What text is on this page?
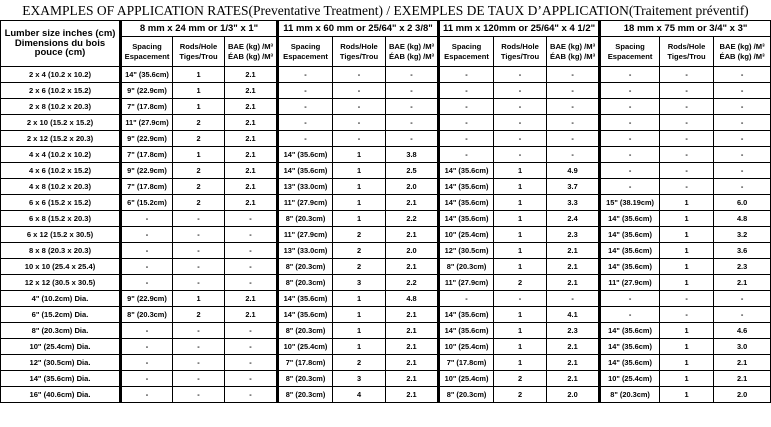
EXAMPLES OF APPLICATION RATES(Preventative Treatment) / EXEMPLES DE TAUX D’APPLICATION(Traitement préventif)
Lumber size inches (cm) Dimensions du bois pouce (cm)	8 mm x 24 mm or 1/3" x 1"			11 mm x 60 mm or 25/64" x 2 3/8"			11 mm x 120mm or 25/64" x 4 1/2"			18 mm x 75 mm or 3/4" x 3"		
	Spacing Espacement	Rods/Hole Tiges/Trou	BAE (kg) /M³ ÉAB (kg) /M³	Spacing Espacement	Rods/Hole Tiges/Trou	BAE (kg) /M³ ÉAB (kg) /M³	Spacing Espacement	Rods/Hole Tiges/Trou	BAE (kg) /M³ ÉAB (kg) /M³	Spacing Espacement	Rods/Hole Tiges/Trou	BAE (kg) /M³ ÉAB (kg) /M³
2 x 4 (10.2 x 10.2)	14" (35.6cm)	1	2.1	-	-	-	-	-	-	-	-	-
2 x 6 (10.2 x 15.2)	9" (22.9cm)	1	2.1	-	-	-	-	-	-	-	-	-
2 x 8 (10.2 x 20.3)	7" (17.8cm)	1	2.1	-	-	-	-	-	-	-	-	-
2 x 10 (15.2 x 15.2)	11" (27.9cm)	2	2.1	-	-	-	-	-	-	-	-	-
2 x 12 (15.2 x 20.3)	9" (22.9cm)	2	2.1	-	-	-	-	-	-	-	-	-
4 x 4 (10.2 x 10.2)	7" (17.8cm)	1	2.1	14" (35.6cm)	1	3.8	-	-	-	-	-	-
4 x 6 (10.2 x 15.2)	9" (22.9cm)	2	2.1	14" (35.6cm)	1	2.5	14" (35.6cm)	1	4.9	-	-	-
4 x 8 (10.2 x 20.3)	7" (17.8cm)	2	2.1	13" (33.0cm)	1	2.0	14" (35.6cm)	1	3.7	-	-	-
6 x 6 (15.2 x 15.2)	6" (15.2cm)	2	2.1	11" (27.9cm)	1	2.1	14" (35.6cm)	1	3.3	15" (38.19cm)	1	6.0
6 x 8 (15.2 x 20.3)	-	-	-	8" (20.3cm)	1	2.2	14" (35.6cm)	1	2.4	14" (35.6cm)	1	4.8
6 x 12 (15.2 x 30.5)	-	-	-	11" (27.9cm)	2	2.1	10" (25.4cm)	1	2.3	14" (35.6cm)	1	3.2
8 x 8 (20.3 x 20.3)	-	-	-	13" (33.0cm)	2	2.0	12" (30.5cm)	1	2.1	14" (35.6cm)	1	3.6
10 x 10 (25.4 x 25.4)	-	-	-	8" (20.3cm)	2	2.1	8" (20.3cm)	1	2.1	14" (35.6cm)	1	2.3
12 x 12 (30.5 x 30.5)	-	-	-	8" (20.3cm)	3	2.2	11" (27.9cm)	2	2.1	11" (27.9cm)	1	2.1
4" (10.2cm) Dia.	9" (22.9cm)	1	2.1	14" (35.6cm)	1	4.8	-	-	-	-	-	-
6" (15.2cm) Dia.	8" (20.3cm)	2	2.1	14" (35.6cm)	1	2.1	14" (35.6cm)	1	4.1	-	-	-
8" (20.3cm) Dia.	-	-	-	8" (20.3cm)	1	2.1	14" (35.6cm)	1	2.3	14" (35.6cm)	1	4.6
10" (25.4cm) Dia.	-	-	-	10" (25.4cm)	1	2.1	10" (25.4cm)	1	2.1	14" (35.6cm)	1	3.0
12" (30.5cm) Dia.	-	-	-	7" (17.8cm)	2	2.1	7" (17.8cm)	1	2.1	14" (35.6cm)	1	2.1
14" (35.6cm) Dia.	-	-	-	8" (20.3cm)	3	2.1	10" (25.4cm)	2	2.1	10" (25.4cm)	1	2.1
16" (40.6cm) Dia.	-	-	-	8" (20.3cm)	4	2.1	8" (20.3cm)	2	2.0	8" (20.3cm)	1	2.0
